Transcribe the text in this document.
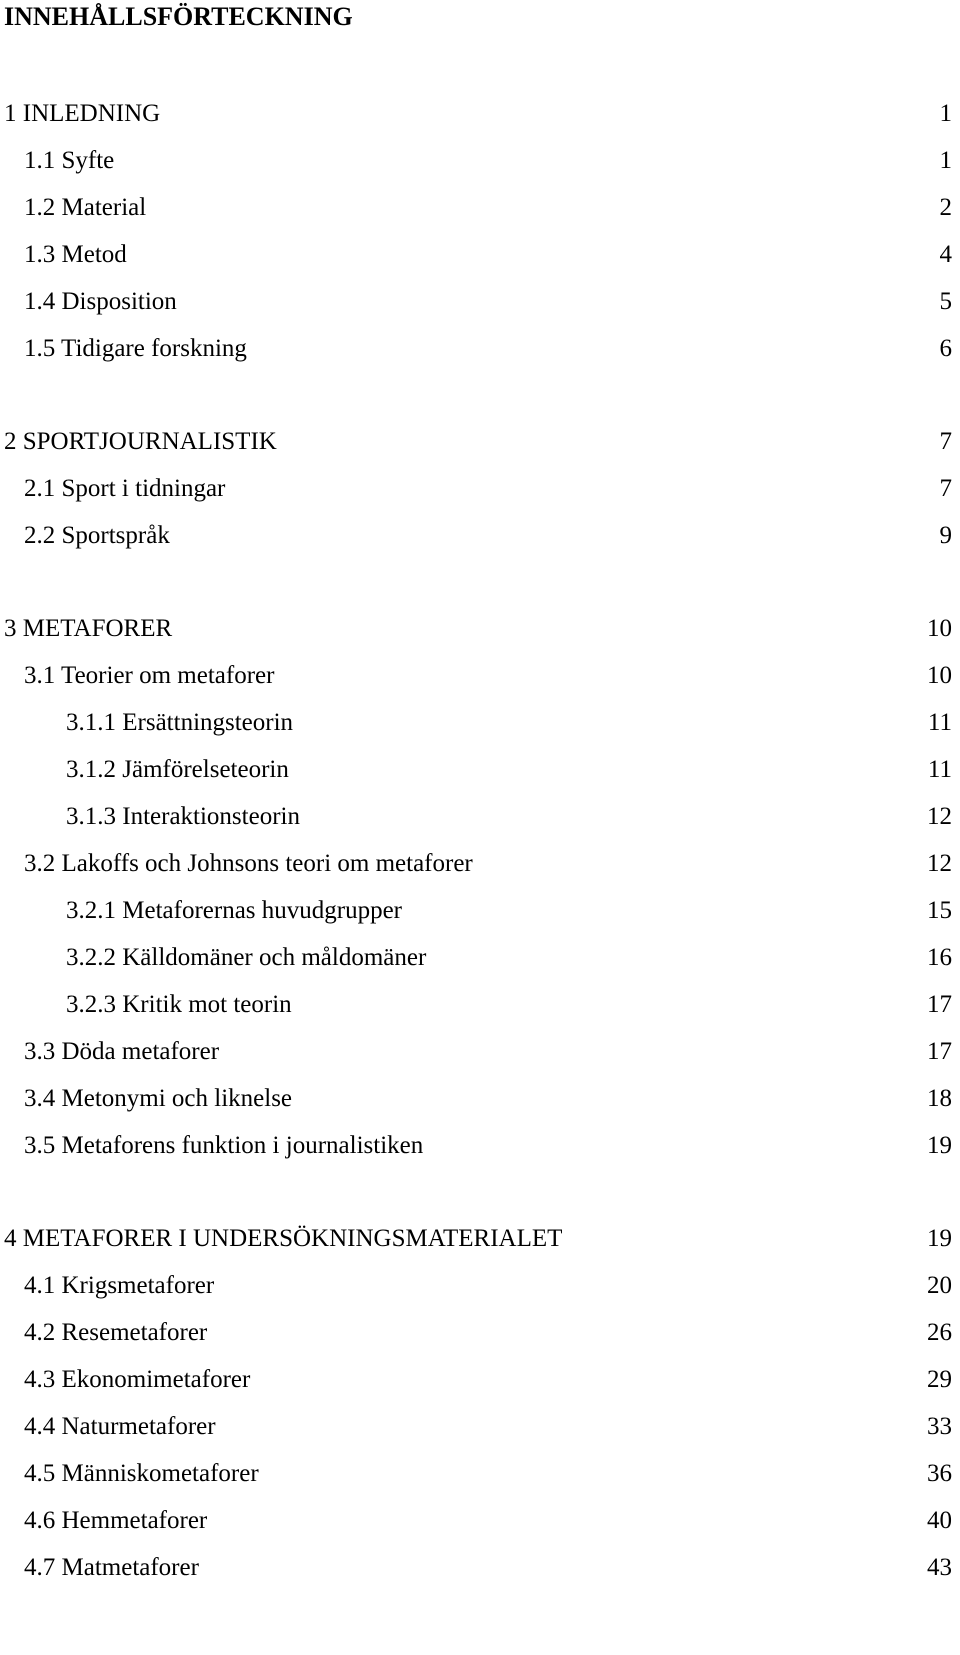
INNEHÅLLSFÖRTECKNING
1 INLEDNING	1
1.1 Syfte	1
1.2 Material	2
1.3 Metod	4
1.4 Disposition	5
1.5 Tidigare forskning	6
2 SPORTJOURNALISTIK	7
2.1 Sport i tidningar	7
2.2 Sportspråk	9
3 METAFORER	10
3.1 Teorier om metaforer	10
3.1.1 Ersättningsteorin	11
3.1.2 Jämförelseteorin	11
3.1.3 Interaktionsteorin	12
3.2 Lakoffs och Johnsons teori om metaforer	12
3.2.1 Metaforernas huvudgrupper	15
3.2.2 Källdomäner och måldomäner	16
3.2.3 Kritik mot teorin	17
3.3 Döda metaforer	17
3.4 Metonymi och liknelse	18
3.5 Metaforens funktion i journalistiken	19
4 METAFORER I UNDERSÖKNINGSMATERIALET	19
4.1 Krigsmetaforer	20
4.2 Resemetaforer	26
4.3 Ekonomimetaforer	29
4.4 Naturmetaforer	33
4.5 Människometaforer	36
4.6 Hemmetaforer	40
4.7 Matmetaforer	43
